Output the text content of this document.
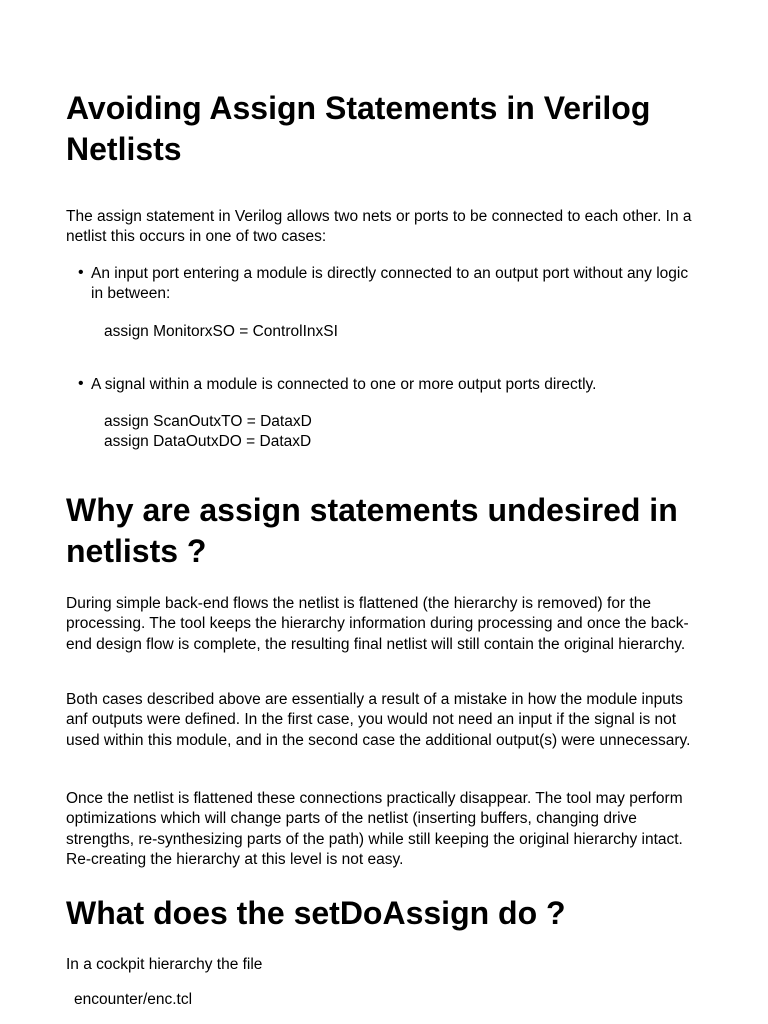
Avoiding Assign Statements in Verilog Netlists

The assign statement in Verilog allows two nets or ports to be connected to each other. In a netlist this occurs in one of two cases:

• An input port entering a module is directly connected to an output port without any logic in between:

assign MonitorxSO = ControlInxSI
• A signal within a module is connected to one or more output ports directly.

assign ScanOutxTO = DataxD
assign DataOutxDO = DataxD
Why are assign statements undesired in netlists ?

During simple back-end flows the netlist is flattened (the hierarchy is removed) for the processing. The tool keeps the hierarchy information during processing and once the back-end design flow is complete, the resulting final netlist will still contain the original hierarchy.

Both cases described above are essentially a result of a mistake in how the module inputs anf outputs were defined. In the first case, you would not need an input if the signal is not used within this module, and in the second case the additional output(s) were unnecessary.

Once the netlist is flattened these connections practically disappear. The tool may perform optimizations which will change parts of the netlist (inserting buffers, changing drive strengths, re-synthesizing parts of the path) while still keeping the original hierarchy intact. Re-creating the hierarchy at this level is not easy.

What does the setDoAssign do ?

In a cockpit hierarchy the file

encounter/enc.tcl
